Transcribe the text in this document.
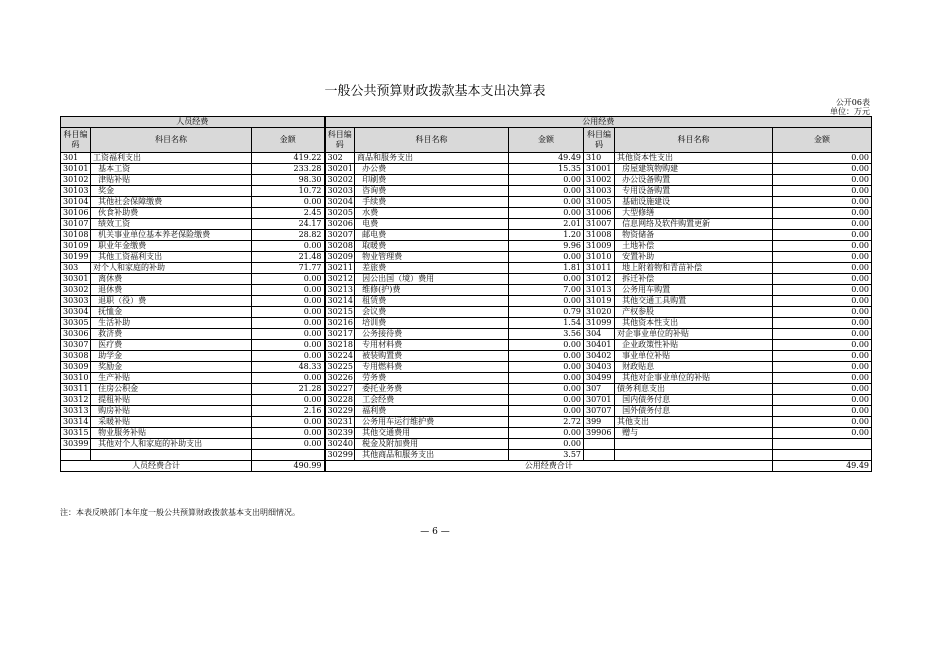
一般公共预算财政拨款基本支出决算表
公开06表
单位：万元
人员经费			公用经费					
科目编码	科目名称	金额	科目编码	科目名称	金额	科目编码	科目名称	金额
301	工资福利支出	419.22	302	商品和服务支出	49.49	310	其他资本性支出	0.00
30101	基本工资	233.28	30201	办公费	15.35	31001	房屋建筑物购建	0.00
30102	津贴补贴	98.30	30202	印刷费	0.00	31002	办公设备购置	0.00
30103	奖金	10.72	30203	咨询费	0.00	31003	专用设备购置	0.00
30104	其他社会保障缴费	0.00	30204	手续费	0.00	31005	基础设施建设	0.00
30106	伙食补助费	2.45	30205	水费	0.00	31006	大型修缮	0.00
30107	绩效工资	24.17	30206	电费	2.01	31007	信息网络及软件购置更新	0.00
30108	机关事业单位基本养老保险缴费	28.82	30207	邮电费	1.20	31008	物资储备	0.00
30109	职业年金缴费	0.00	30208	取暖费	9.96	31009	土地补偿	0.00
30199	其他工资福利支出	21.48	30209	物业管理费	0.00	31010	安置补助	0.00
303	对个人和家庭的补助	71.77	30211	差旅费	1.81	31011	地上附着物和青苗补偿	0.00
30301	离休费	0.00	30212	因公出国（境）费用	0.00	31012	拆迁补偿	0.00
30302	退休费	0.00	30213	维修(护)费	7.00	31013	公务用车购置	0.00
30303	退职（役）费	0.00	30214	租赁费	0.00	31019	其他交通工具购置	0.00
30304	抚恤金	0.00	30215	会议费	0.79	31020	产权参股	0.00
30305	生活补助	0.00	30216	培训费	1.54	31099	其他资本性支出	0.00
30306	救济费	0.00	30217	公务接待费	3.56	304	对企事业单位的补贴	0.00
30307	医疗费	0.00	30218	专用材料费	0.00	30401	企业政策性补贴	0.00
30308	助学金	0.00	30224	被装购置费	0.00	30402	事业单位补贴	0.00
30309	奖励金	48.33	30225	专用燃料费	0.00	30403	财政贴息	0.00
30310	生产补贴	0.00	30226	劳务费	0.00	30499	其他对企事业单位的补贴	0.00
30311	住房公积金	21.28	30227	委托业务费	0.00	307	债务利息支出	0.00
30312	提租补贴	0.00	30228	工会经费	0.00	30701	国内债务付息	0.00
30313	购房补贴	2.16	30229	福利费	0.00	30707	国外债务付息	0.00
30314	采暖补贴	0.00	30231	公务用车运行维护费	2.72	399	其他支出	0.00
30315	物业服务补贴	0.00	30239	其他交通费用	0.00	39906	赠与	0.00
30399	其他对个人和家庭的补助支出	0.00	30240	税金及附加费用	0.00			
			30299	其他商品和服务支出	3.57			
人员经费合计		490.99	公用经费合计					49.49
注：本表反映部门本年度一般公共预算财政拨款基本支出明细情况。
— 6 —
